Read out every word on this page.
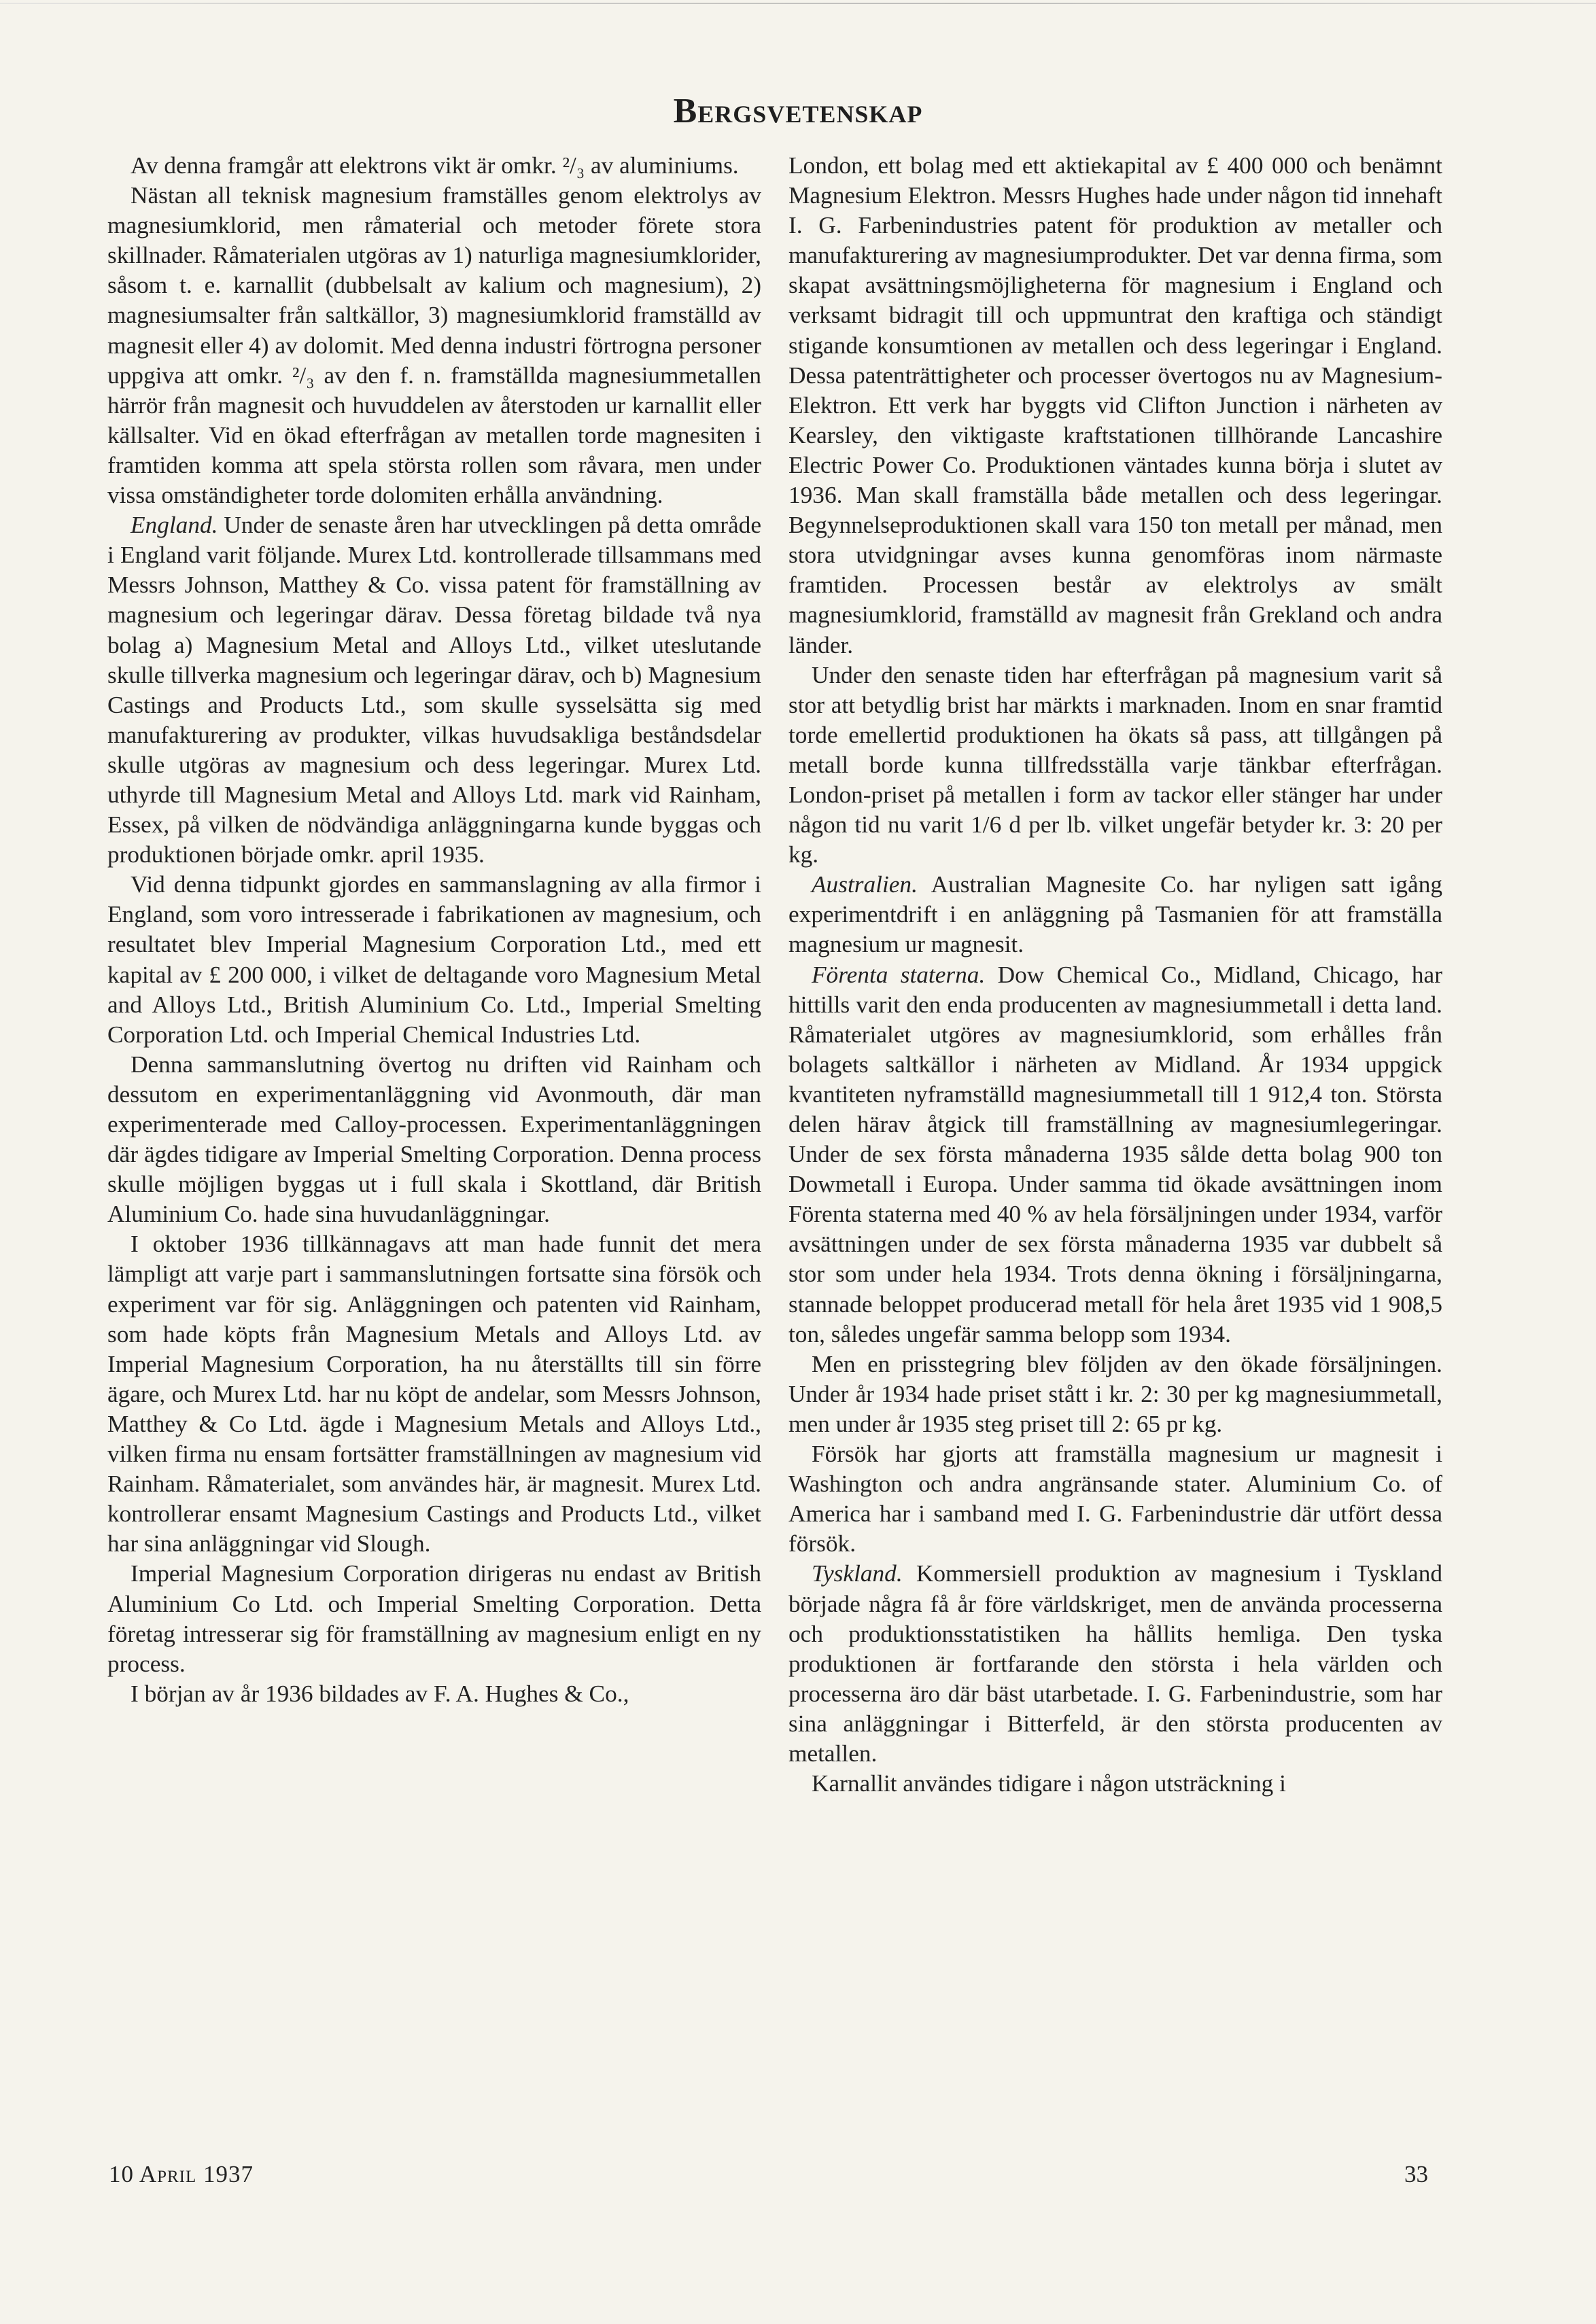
Bergsvetenskap

Av denna framgår att elektrons vikt är omkr. ²/₃ av aluminiums.

Nästan all teknisk magnesium framställes genom elektrolys av magnesiumklorid, men råmaterial och metoder förete stora skillnader. Råmaterialen utgöras av 1) naturliga magnesiumklorider, såsom t. e. karnallit (dubbelsalt av kalium och magnesium), 2) magnesiumsalter från saltkällor, 3) magnesiumklorid framställd av magnesit eller 4) av dolomit. Med denna industri förtrogna personer uppgiva att omkr. ²/₃ av den f. n. framställda magnesiummetallen härrör från magnesit och huvuddelen av återstoden ur karnallit eller källsalter. Vid en ökad efterfrågan av metallen torde magnesiten i framtiden komma att spela största rollen som råvara, men under vissa omständigheter torde dolomiten erhålla användning.

England. Under de senaste åren har utvecklingen på detta område i England varit följande. Murex Ltd. kontrollerade tillsammans med Messrs Johnson, Matthey & Co. vissa patent för framställning av magnesium och legeringar därav. Dessa företag bildade två nya bolag a) Magnesium Metal and Alloys Ltd., vilket uteslutande skulle tillverka magnesium och legeringar därav, och b) Magnesium Castings and Products Ltd., som skulle sysselsätta sig med manufakturering av produkter, vilkas huvudsakliga beståndsdelar skulle utgöras av magnesium och dess legeringar. Murex Ltd. uthyrde till Magnesium Metal and Alloys Ltd. mark vid Rainham, Essex, på vilken de nödvändiga anläggningarna kunde byggas och produktionen började omkr. april 1935.

Vid denna tidpunkt gjordes en sammanslagning av alla firmor i England, som voro intresserade i fabrikationen av magnesium, och resultatet blev Imperial Magnesium Corporation Ltd., med ett kapital av £ 200 000, i vilket de deltagande voro Magnesium Metal and Alloys Ltd., British Aluminium Co. Ltd., Imperial Smelting Corporation Ltd. och Imperial Chemical Industries Ltd.

Denna sammanslutning övertog nu driften vid Rainham och dessutom en experimentanläggning vid Avonmouth, där man experimenterade med Calloy-processen. Experimentanläggningen där ägdes tidigare av Imperial Smelting Corporation. Denna process skulle möjligen byggas ut i full skala i Skottland, där British Aluminium Co. hade sina huvudanläggningar.

I oktober 1936 tillkännagavs att man hade funnit det mera lämpligt att varje part i sammanslutningen fortsatte sina försök och experiment var för sig. Anläggningen och patenten vid Rainham, som hade köpts från Magnesium Metals and Alloys Ltd. av Imperial Magnesium Corporation, ha nu återställts till sin förre ägare, och Murex Ltd. har nu köpt de andelar, som Messrs Johnson, Matthey & Co Ltd. ägde i Magnesium Metals and Alloys Ltd., vilken firma nu ensam fortsätter framställningen av magnesium vid Rainham. Råmaterialet, som användes här, är magnesit. Murex Ltd. kontrollerar ensamt Magnesium Castings and Products Ltd., vilket har sina anläggningar vid Slough.

Imperial Magnesium Corporation dirigeras nu endast av British Aluminium Co Ltd. och Imperial Smelting Corporation. Detta företag intresserar sig för framställning av magnesium enligt en ny process.

I början av år 1936 bildades av F. A. Hughes & Co.,

London, ett bolag med ett aktiekapital av £ 400 000 och benämnt Magnesium Elektron. Messrs Hughes hade under någon tid innehaft I. G. Farbenindustries patent för produktion av metaller och manufakturering av magnesiumprodukter. Det var denna firma, som skapat avsättningsmöjligheterna för magnesium i England och verksamt bidragit till och uppmuntrat den kraftiga och ständigt stigande konsumtionen av metallen och dess legeringar i England. Dessa patenträttigheter och processer övertogos nu av Magnesium-Elektron. Ett verk har byggts vid Clifton Junction i närheten av Kearsley, den viktigaste kraftstationen tillhörande Lancashire Electric Power Co. Produktionen väntades kunna börja i slutet av 1936. Man skall framställa både metallen och dess legeringar. Begynnelseproduktionen skall vara 150 ton metall per månad, men stora utvidgningar avses kunna genomföras inom närmaste framtiden. Processen består av elektrolys av smält magnesiumklorid, framställd av magnesit från Grekland och andra länder.

Under den senaste tiden har efterfrågan på magnesium varit så stor att betydlig brist har märkts i marknaden. Inom en snar framtid torde emellertid produktionen ha ökats så pass, att tillgången på metall borde kunna tillfredsställa varje tänkbar efterfrågan. London-priset på metallen i form av tackor eller stänger har under någon tid nu varit 1/6 d per lb. vilket ungefär betyder kr. 3: 20 per kg.

Australien. Australian Magnesite Co. har nyligen satt igång experimentdrift i en anläggning på Tasmanien för att framställa magnesium ur magnesit.

Förenta staterna. Dow Chemical Co., Midland, Chicago, har hittills varit den enda producenten av magnesiummetall i detta land. Råmaterialet utgöres av magnesiumklorid, som erhålles från bolagets saltkällor i närheten av Midland. År 1934 uppgick kvantiteten nyframställd magnesiummetall till 1 912,4 ton. Största delen härav åtgick till framställning av magnesiumlegeringar. Under de sex första månaderna 1935 sålde detta bolag 900 ton Dowmetall i Europa. Under samma tid ökade avsättningen inom Förenta staterna med 40 % av hela försäljningen under 1934, varför avsättningen under de sex första månaderna 1935 var dubbelt så stor som under hela 1934. Trots denna ökning i försäljningarna, stannade beloppet producerad metall för hela året 1935 vid 1 908,5 ton, således ungefär samma belopp som 1934.

Men en prisstegring blev följden av den ökade försäljningen. Under år 1934 hade priset stått i kr. 2: 30 per kg magnesiummetall, men under år 1935 steg priset till 2: 65 pr kg.

Försök har gjorts att framställa magnesium ur magnesit i Washington och andra angränsande stater. Aluminium Co. of America har i samband med I. G. Farbenindustrie där utfört dessa försök.

Tyskland. Kommersiell produktion av magnesium i Tyskland började några få år före världskriget, men de använda processerna och produktionsstatistiken ha hållits hemliga. Den tyska produktionen är fortfarande den största i hela världen och processerna äro där bäst utarbetade. I. G. Farbenindustrie, som har sina anläggningar i Bitterfeld, är den största producenten av metallen.

Karnallit användes tidigare i någon utsträckning i

10 April 1937	33
